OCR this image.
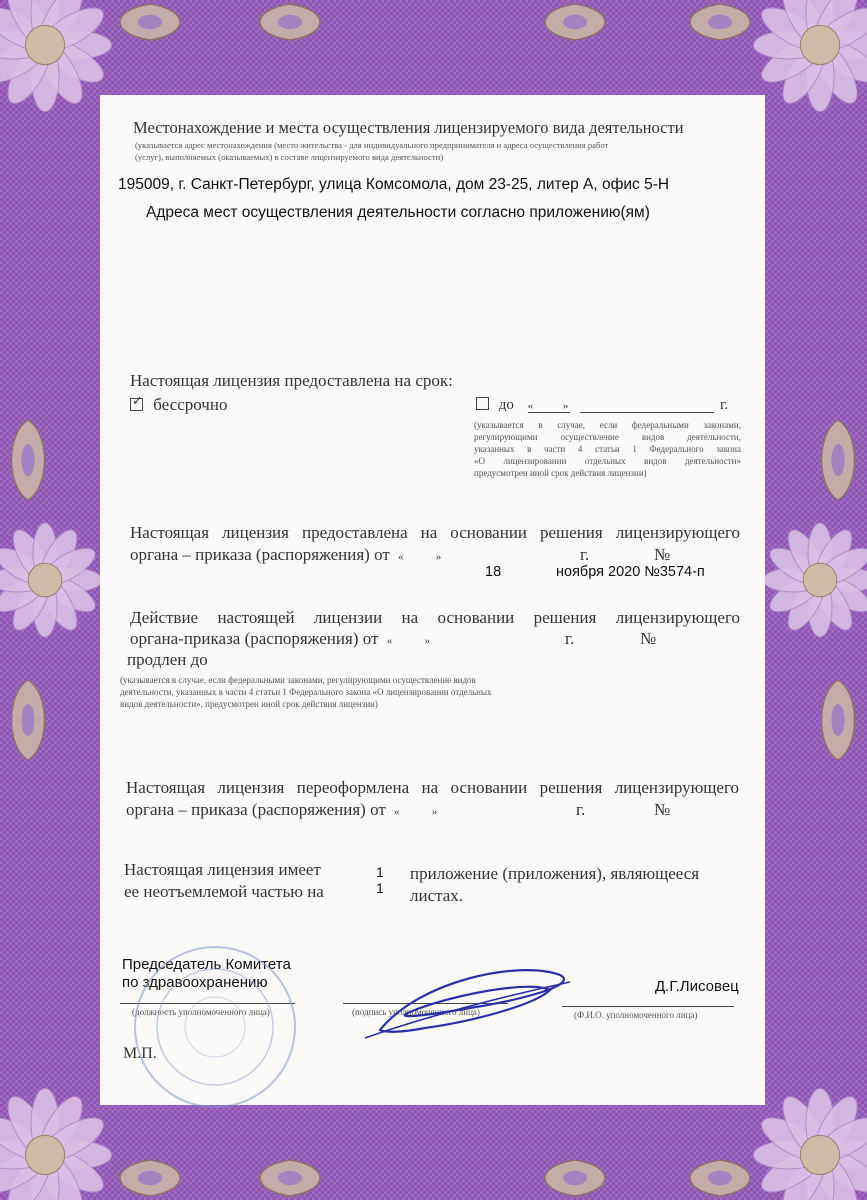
Местонахождение и места осуществления лицензируемого вида деятельности
(указывается адрес местонахождения (место жительства - для индивидуального предпринимателя и адреса осуществления работ
(услуг), выполняемых (оказываемых) в составе лицензируемого вида деятельности)
195009, г. Санкт-Петербург, улица Комсомола, дом 23-25, литер А, офис 5-Н
Адреса мест осуществления деятельности согласно приложению(ям)
Настоящая лицензия предоставлена на срок:
✓ бессрочно	до «	»	г.
(указывается в случае, если федеральными законами,
регулирующими осуществление видов деятельности,
указанных в части 4 статьи 1 Федерального закона
«О лицензировании отдельных видов деятельности»
предусмотрен иной срок действия лицензии)
Настоящая лицензия предоставлена на основании решения лицензирующего
органа – приказа (распоряжения) от «	»	г.	№
18	ноября 2020 №3574-п
Действие настоящей лицензии на основании решения лицензирующего
органа-приказа (распоряжения) от «	»	г.	№
продлен до
(указывается в случае, если федеральными законами, регулирующими осуществление видов
деятельности, указанных в части 4 статьи 1 Федерального закона «О лицензировании отдельных
видов деятельности», предусмотрен иной срок действия лицензии)
Настоящая лицензия переоформлена на основании решения лицензирующего
органа – приказа (распоряжения) от «	»	г.	№
Настоящая лицензия имеет
ее неотъемлемой частью на
1
1
приложение (приложения), являющееся
листах.
Председатель Комитета
по здравоохранению
(должность уполномоченного лица)	(подпись уполномоченного лица)
Д.Г.Лисовец
(Ф.И.О. уполномоченного лица)
М.П.
